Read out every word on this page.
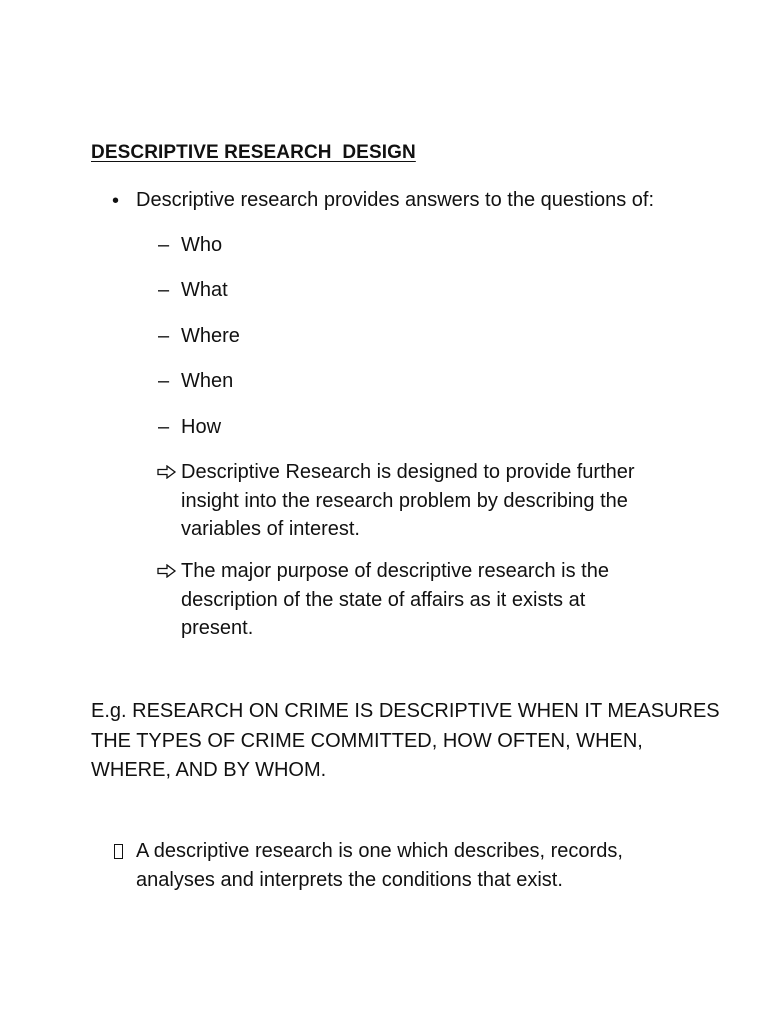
DESCRIPTIVE RESEARCH  DESIGN
• Descriptive research provides answers to the questions of:
– Who
– What
– Where
– When
– How
Descriptive Research is designed to provide further
insight into the research problem by describing the
variables of interest.
The major purpose of descriptive research is the
description of the state of affairs as it exists at
present.
E.g. RESEARCH ON CRIME IS DESCRIPTIVE WHEN IT MEASURES
THE TYPES OF CRIME COMMITTED, HOW OFTEN, WHEN,
WHERE, AND BY WHOM.
A descriptive research is one which describes, records,
analyses and interprets the conditions that exist.
